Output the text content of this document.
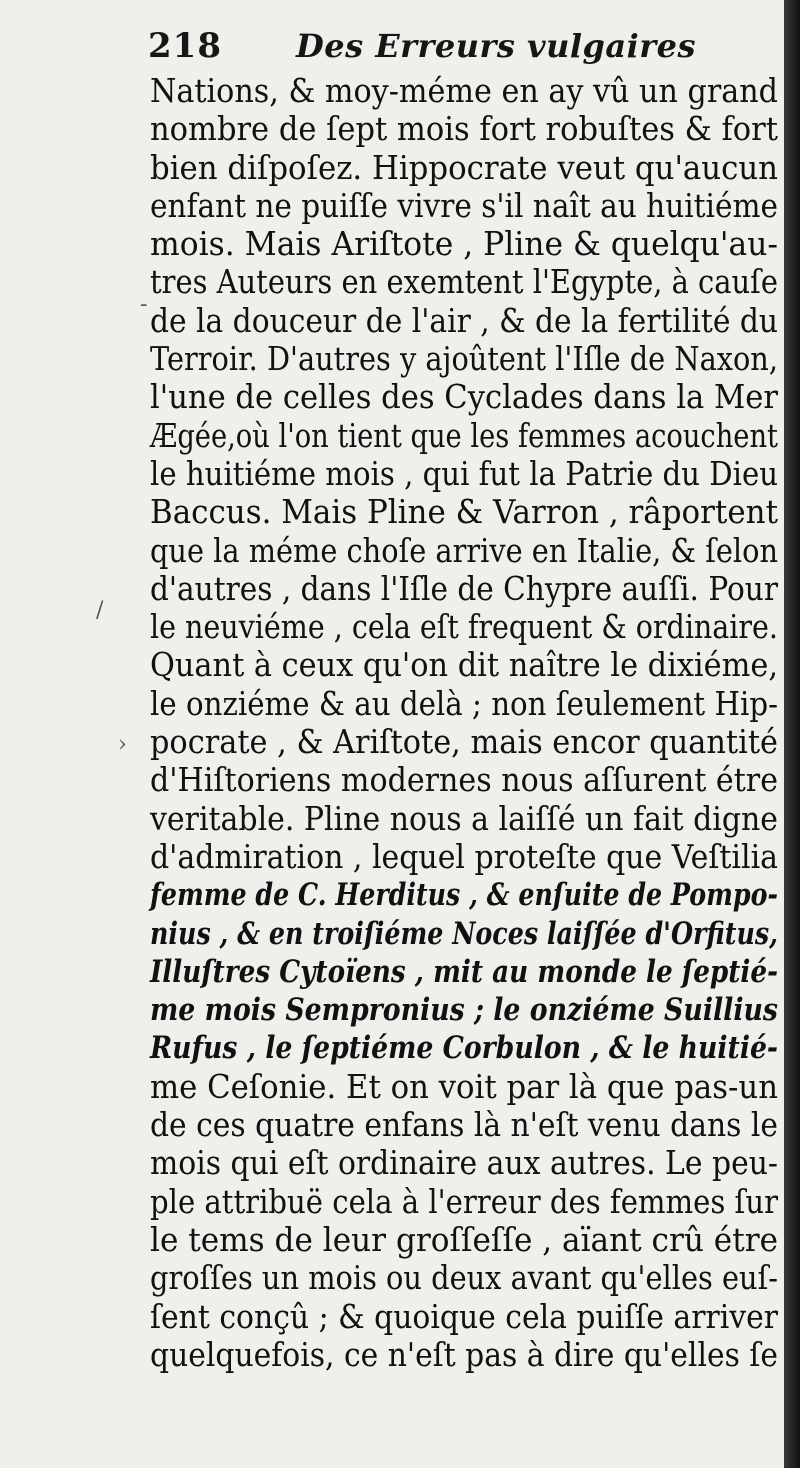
218 Des Erreurs vulgaires
-
/
›
Nations, & moy-méme en ay vû un grand
nombre de ſept mois fort robuſtes & fort
bien diſpoſez. Hippocrate veut qu'aucun
enfant ne puiſſe vivre s'il naît au huitiéme
mois. Mais Ariſtote , Pline & quelqu'au-
tres Auteurs en exemtent l'Egypte, à cauſe
de la douceur de l'air , & de la fertilité du
Terroir. D'autres y ajoûtent l'Iſle de Naxon,
l'une de celles des Cyclades dans la Mer
Ægée,où l'on tient que les femmes acouchent
le huitiéme mois , qui fut la Patrie du Dieu
Baccus. Mais Pline & Varron , râportent
que la méme choſe arrive en Italie, & ſelon
d'autres , dans l'Iſle de Chypre auſſi. Pour
le neuviéme , cela eſt frequent & ordinaire.
Quant à ceux qu'on dit naître le dixiéme,
le onziéme & au delà ; non ſeulement Hip-
pocrate , & Ariſtote, mais encor quantité
d'Hiſtoriens modernes nous aſſurent étre
veritable. Pline nous a laiſſé un fait digne
d'admiration , lequel proteſte que Veſtilia
femme de C. Herditus , & enſuite de Pompo-
nius , & en troiſiéme Noces laiſſée d'Orfitus,
Illuſtres Cytoïens , mit au monde le ſeptié-
me mois Sempronius ; le onziéme Suillius
Rufus , le ſeptiéme Corbulon , & le huitié-
me Ceſonie. Et on voit par là que pas-un
de ces quatre enfans là n'eſt venu dans le
mois qui eſt ordinaire aux autres. Le peu-
ple attribuë cela à l'erreur des femmes ſur
le tems de leur groſſeſſe , aïant crû étre
groſſes un mois ou deux avant qu'elles euſ-
ſent conçû ; & quoique cela puiſſe arriver
quelquefois, ce n'eſt pas à dire qu'elles ſe
